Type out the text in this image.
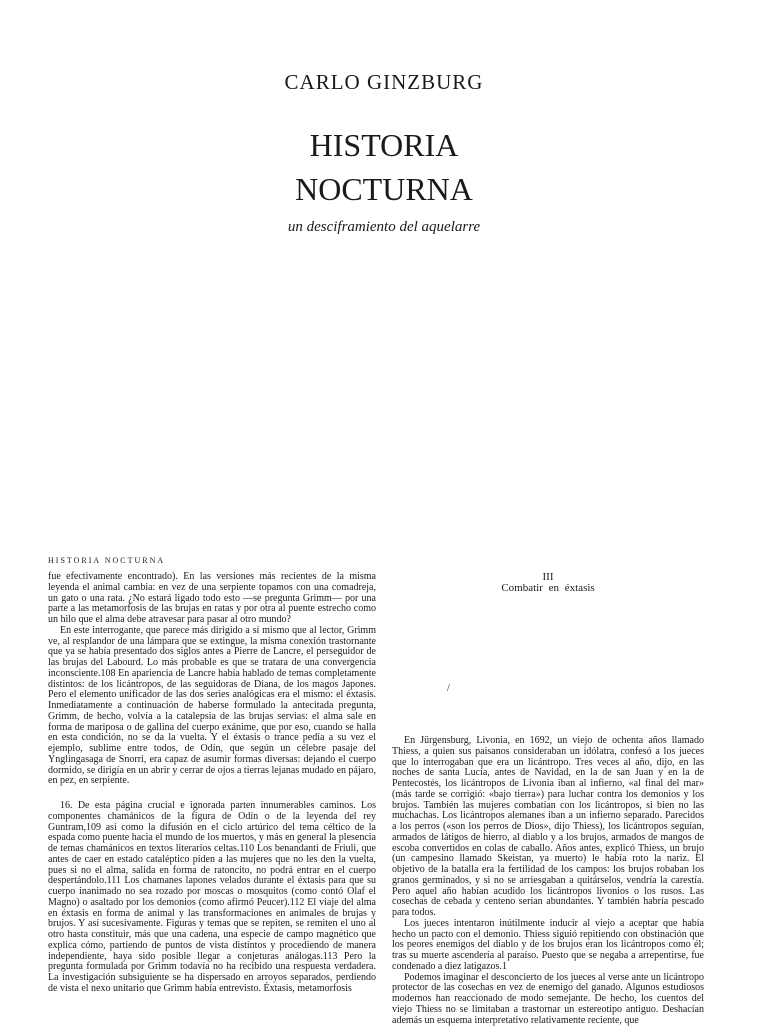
CARLO GINZBURG

HISTORIA
NOCTURNA

un desciframiento del aquelarre

HISTORIA NOCTURNA

fue efectivamente encontrado). En las versiones más recientes de la misma leyenda el animal cambia: en vez de una serpiente topamos con una comadreja, un gato o una rata. ¿No estará ligado todo esto —se pregunta Grimm— por una parte a las metamorfosis de las brujas en ratas y por otra al puente estrecho como un hilo que el alma debe atravesar para pasar al otro mundo?

En este interrogante, que parece más dirigido a sí mismo que al lector, Grimm ve, al resplandor de una lámpara que se extingue, la misma conexión trastornante que ya se había presentado dos siglos antes a Pierre de Lancre, el perseguidor de las brujas del Labourd. Lo más probable es que se tratara de una convergencia inconsciente.108 En apariencia de Lancre había hablado de temas completamente distintos: de los licántropos, de las seguidoras de Diana, de los magos Japones. Pero el elemento unificador de las dos series analógicas era el mismo: el éxtasis. Inmediatamente a continuación de haberse formulado la antecitada pregunta, Grimm, de hecho, volvía a la catalepsia de las brujas servias: el alma sale en forma de mariposa o de gallina del cuerpo exánime, que por eso, cuando se halla en esta condición, no se da la vuelta. Y el éxtasis o trance pedía a su vez el ejemplo, sublime entre todos, de Odín, que según un célebre pasaje del Ynglingasaga de Snorri, era capaz de asumir formas diversas: dejando el cuerpo dormido, se dirigía en un abrir y cerrar de ojos a tierras lejanas mudado en pájaro, en pez, en serpiente.

16. De esta página crucial e ignorada parten innumerables caminos. Los componentes chamánicos de la figura de Odín o de la leyenda del rey Guntram,109 así como la difusión en el ciclo artúrico del tema céltico de la espada como puente hacia el mundo de los muertos, y más en general la plesencia de temas chamánicos en textos literarios celtas.110 Los benandanti de Friuli, que antes de caer en estado cataléptico piden a las mujeres que no les den la vuelta, pues si no el alma, salida en forma de ratoncito, no podrá entrar en el cuerpo despertándolo.111 Los chamanes lapones velados durante el éxtasis para que su cuerpo inanimado no sea rozado por moscas o mosquitos (como contó Olaf el Magno) o asaltado por los demonios (como afirmó Peucer).112 El viaje del alma en éxtasis en forma de animal y las transformaciones en animales de brujas y brujos. Y así sucesivamente. Figuras y temas que se repiten, se remiten el uno al otro hasta constituir, más que una cadena, una especie de campo magnético que explica cómo, partiendo de puntos de vista distintos y procediendo de manera independiente, haya sido posible llegar a conjeturas análogas.113 Pero la pregunta formulada por Grimm todavía no ha recibido una respuesta verdadera. La investigación subsiguiente se ha dispersado en arroyos separados, perdiendo de vista el nexo unitario que Grimm había entrevisto. Éxtasis, metamorfosis

III

Combatir en éxtasis

/

En Jürgensburg, Livonia, en 1692, un viejo de ochenta años llamado Thiess, a quien sus paisanos consideraban un idólatra, confesó a los jueces que lo interrogaban que era un licántropo. Tres veces al año, dijo, en las noches de santa Lucía, antes de Navidad, en la de san Juan y en la de Pentecostés, los licántropos de Livonia iban al infierno, «al final del mar» (más tarde se corrigió: «bajo tierra») para luchar contra los demonios y los brujos. También las mujeres combatían con los licántropos, si bien no las muchachas. Los licántropos alemanes iban a un infierno separado. Parecidos a los perros («son los perros de Dios», dijo Thiess), los licántropos seguían, armados de látigos de hierro, al diablo y a los brujos, armados de mangos de escoba convertidos en colas de caballo. Años antes, explicó Thiess, un brujo (un campesino llamado Skeistan, ya muerto) le había roto la nariz. El objetivo de la batalla era la fertilidad de los campos: los brujos robaban los granos germinados, y si no se arriesgaban a quitárselos, vendría la carestía. Pero aquel año habían acudido los licántropos livonios o los rusos. Las cosechas de cebada y centeno serían abundantes. Y también habría pescado para todos.

Los jueces intentaron inútilmente inducir al viejo a aceptar que había hecho un pacto con el demonio. Thiess siguió repitiendo con obstinación que los peores enemigos del diablo y de los brujos eran los licántropos como él; tras su muerte ascendería al paraíso. Puesto que se negaba a arrepentirse, fue condenado a diez latigazos.1

Podemos imaginar el desconcierto de los jueces al verse ante un licántropo protector de las cosechas en vez de enemigo del ganado. Algunos estudiosos modernos han reaccionado de modo semejante. De hecho, los cuentos del viejo Thiess no se limitaban a trastornar un estereotipo antiguo. Deshacían además un esquema interpretativo relativamente reciente, que
